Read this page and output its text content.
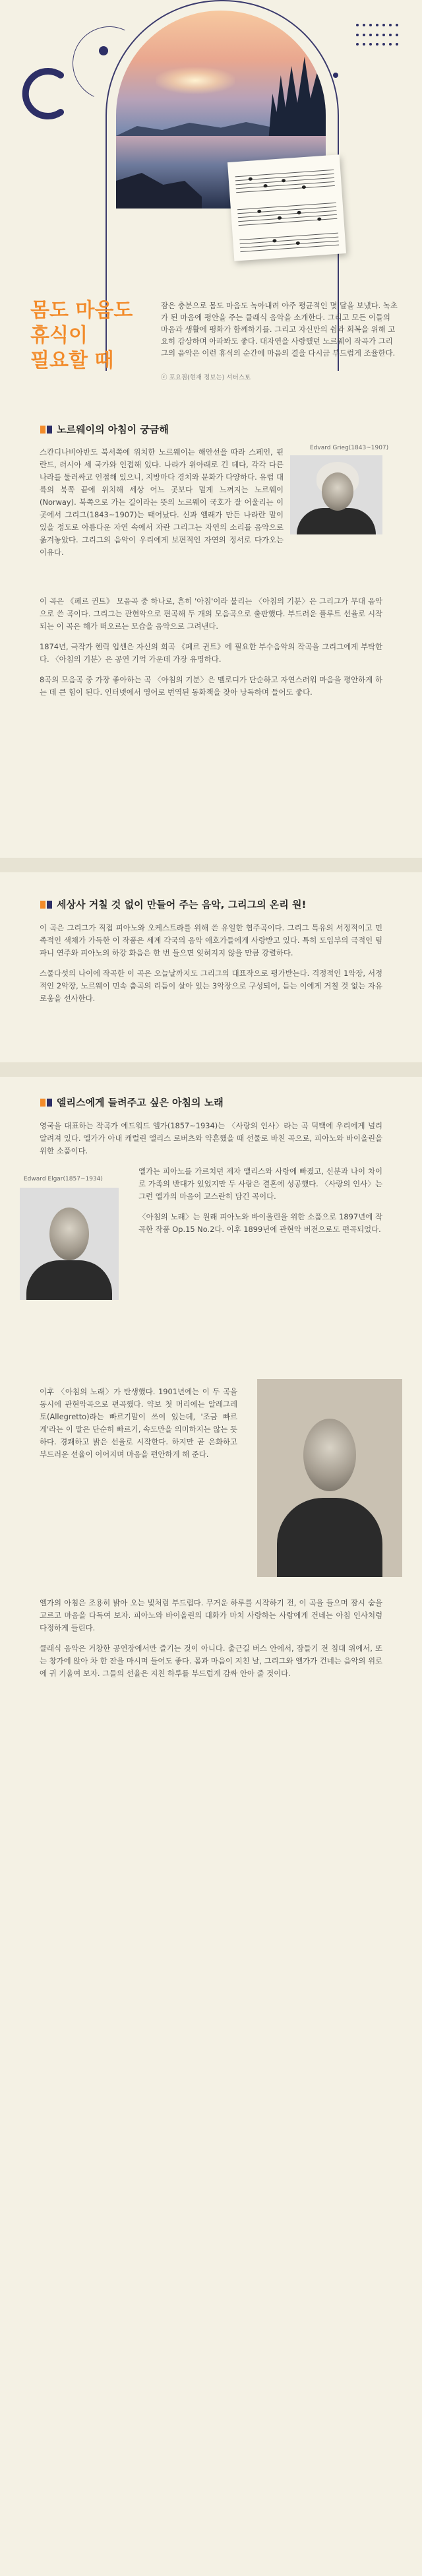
몸도 마음도

휴식이

필요할 때

잠은 충분으로 몸도 마음도 녹아내려 아주 평균적인 몇 달을 보냈다. 녹초가 된 마음에 평안을 주는 클래식 음악을 소개한다. 그리고 모든 이들의 마음과 생활에 평화가 함께하기를. 그리고 자신만의 쉼과 회복을 위해 고요히 감상하며 아파봐도 좋다. 대자연을 사랑했던 노르웨이 작곡가 그리그의 음악은 이런 휴식의 순간에 마음의 결을 다시금 부드럽게 조율한다.

ⓒ 포요짐(현재 정보는) 셔터스토
노르웨이의 아침이 궁금해
Edvard Grieg(1843~1907)

스칸디나비아반도 북서쪽에 위치한 노르웨이는 해안선을 따라 스페인, 핀란드, 러시아 세 국가와 인접해 있다. 나라가 위아래로 긴 데다, 각각 다른 나라를 둘러싸고 인접해 있으니, 지방마다 경치와 문화가 다양하다. 유럽 대륙의 북쪽 끝에 위치해 세상 어느 곳보다 멀게 느껴지는 노르웨이(Norway). 북쪽으로 가는 길이라는 뜻의 노르웨이 국호가 잘 어울리는 이곳에서 그리그(1843~1907)는 태어났다. 신과 엘래가 만든 나라란 말이 있을 정도로 아름다운 자연 속에서 자란 그리그는 자연의 소리를 음악으로 옮겨놓았다. 그리그의 음악이 우리에게 보편적인 자연의 정서로 다가오는 이유다.

이 곡은 《페르 귄트》 모음곡 중 하나로, 흔히 '아침'이라 불리는 〈아침의 기분〉은 그리그가 무대 음악으로 쓴 곡이다. 그리그는 관현악으로 편곡해 두 개의 모음곡으로 출판했다. 부드러운 플루트 선율로 시작되는 이 곡은 해가 떠오르는 모습을 음악으로 그려낸다.

1874년, 극작가 헨릭 입센은 자신의 희곡 《페르 귄트》에 필요한 부수음악의 작곡을 그리그에게 부탁한다. 〈아침의 기분〉은 공연 기억 가운데 가장 유명하다.

8곡의 모음곡 중 가장 좋아하는 곡 〈아침의 기분〉은 멜로디가 단순하고 자연스러워 마음을 평안하게 하는 데 큰 힘이 된다. 인터넷에서 영어로 번역된 동화책을 찾아 낭독하며 들어도 좋다.

세상사 거칠 것 없이 만들어 주는 음악, 그리그의 온리 원!

이 곡은 그리그가 직접 피아노와 오케스트라를 위해 쓴 유일한 협주곡이다. 그리그 특유의 서정적이고 민족적인 색채가 가득한 이 작품은 세계 각국의 음악 애호가들에게 사랑받고 있다. 특히 도입부의 극적인 팀파니 연주와 피아노의 하강 화음은 한 번 들으면 잊혀지지 않을 만큼 강렬하다.

스물다섯의 나이에 작곡한 이 곡은 오늘날까지도 그리그의 대표작으로 평가받는다. 격정적인 1악장, 서정적인 2악장, 노르웨이 민속 춤곡의 리듬이 살아 있는 3악장으로 구성되어, 듣는 이에게 거칠 것 없는 자유로움을 선사한다.

엘리스에게 들려주고 싶은 아침의 노래

영국을 대표하는 작곡가 에드워드 엘가(1857~1934)는 〈사랑의 인사〉라는 곡 덕택에 우리에게 널리 알려져 있다. 엘가가 아내 캐럴린 앨리스 로버츠와 약혼했을 때 선물로 바친 곡으로, 피아노와 바이올린을 위한 소품이다.

엘가는 피아노를 가르치던 제자 앨리스와 사랑에 빠졌고, 신분과 나이 차이로 가족의 반대가 있었지만 두 사람은 결혼에 성공했다. 〈사랑의 인사〉는 그런 엘가의 마음이 고스란히 담긴 곡이다.

〈아침의 노래〉는 원래 피아노와 바이올린을 위한 소품으로 1897년에 작곡한 작품 Op.15 No.2다. 이후 1899년에 관현악 버전으로도 편곡되었다.

Edward Elgar(1857~1934)

이후 〈아침의 노래〉가 탄생했다. 1901년에는 이 두 곡을 동시에 관현악곡으로 편곡했다. 약보 첫 머리에는 알레그레토(Allegretto)라는 빠르기말이 쓰여 있는데, '조금 빠르게'라는 이 말은 단순히 빠르기, 속도만을 의미하지는 않는 듯하다. 경쾌하고 밝은 선율로 시작한다. 하지만 곧 온화하고 부드러운 선율이 이어지며 마음을 편안하게 해 준다.

엘가의 아침은 조용히 밝아 오는 빛처럼 부드럽다. 무거운 하루를 시작하기 전, 이 곡을 들으며 잠시 숨을 고르고 마음을 다독여 보자. 피아노와 바이올린의 대화가 마치 사랑하는 사람에게 건네는 아침 인사처럼 다정하게 들린다.

클래식 음악은 거창한 공연장에서만 즐기는 것이 아니다. 출근길 버스 안에서, 잠들기 전 침대 위에서, 또는 창가에 앉아 차 한 잔을 마시며 들어도 좋다. 몸과 마음이 지친 날, 그리그와 엘가가 건네는 음악의 위로에 귀 기울여 보자. 그들의 선율은 지친 하루를 부드럽게 감싸 안아 줄 것이다.
